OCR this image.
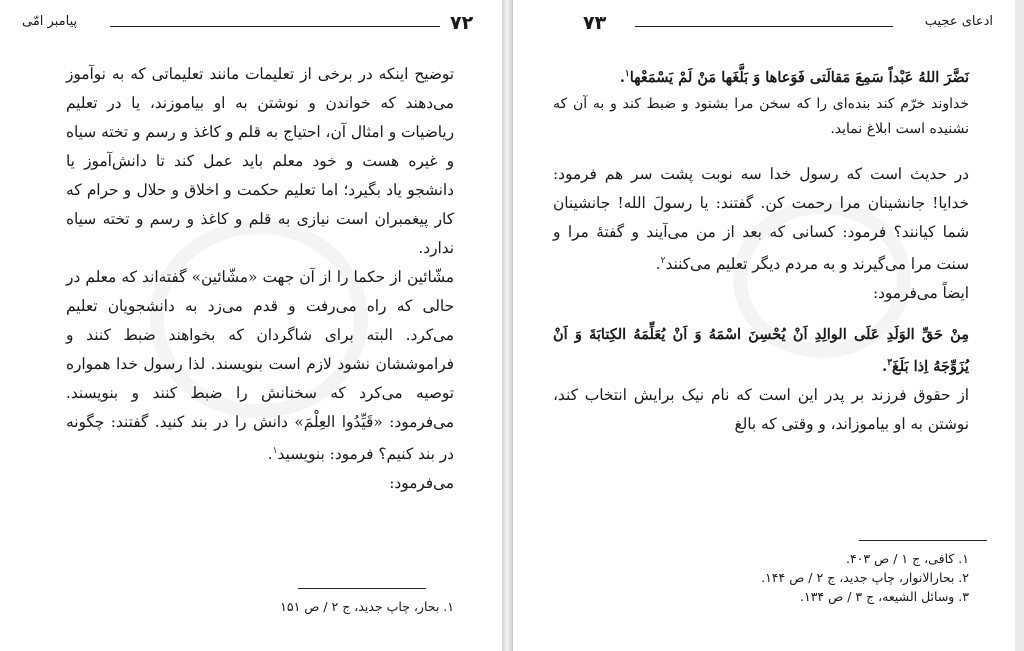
پیامبر امّی	۷۲

توضیح اینکه در برخی از تعلیمات مانند تعلیماتی که به نوآموز می‌دهند که خواندن و نوشتن به او بیاموزند، یا در تعلیم ریاضیات و امثال آن، احتیاج به قلم و کاغذ و رسم و تخته سیاه و غیره هست و خود معلم باید عمل کند تا دانش‌آموز یا دانشجو یاد بگیرد؛ اما تعلیم حکمت و اخلاق و حلال و حرام که کار پیغمبران است نیازی به قلم و کاغذ و رسم و تخته سیاه ندارد.

مشّائین از حکما را از آن جهت «مشّائین» گفته‌اند که معلم در حالی که راه می‌رفت و قدم می‌زد به دانشجویان تعلیم می‌کرد. البته برای شاگردان که بخواهند ضبط کنند و فراموششان نشود لازم است بنویسند. لذا رسول خدا همواره توصیه می‌کرد که سخنانش را ضبط کنند و بنویسند. می‌فرمود: «قَیِّدُوا العِلْمَ» دانش را در بند کنید. گفتند: چگونه در بند کنیم؟ فرمود: بنویسید$^۱$.

می‌فرمود:

۱. بحار، چاپ جدید، ج ۲ / ص ۱۵۱
۷۳	ادعای عجیب

نَضَّرَ اللهُ عَبْداً سَمِعَ مَقالَتی فَوَعاها وَ بَلَّغَها مَنْ لَمْ یَسْمَعْها$^۱$.

خداوند خرّم کند بنده‌ای را که سخن مرا بشنود و ضبط کند و به آن که نشنیده است ابلاغ نماید.

در حدیث است که رسول خدا سه نوبت پشت سر هم فرمود: خدایا! جانشینان مرا رحمت کن. گفتند: یا رسولَ الله! جانشینان شما کیانند؟ فرمود: کسانی که بعد از من می‌آیند و گفتهٔ مرا و سنت مرا می‌گیرند و به مردم دیگر تعلیم می‌کنند$^۲$.

ایضاً می‌فرمود:

مِنْ حَقِّ الوَلَدِ عَلَی الوالِدِ اَنْ یُحْسِنَ اسْمَهُ وَ اَنْ یُعَلِّمَهُ الکِتابَةَ وَ اَنْ یُزَوِّجَهُ اِذا بَلَغَ$^۳$.

از حقوق فرزند بر پدر این است که نام نیک برایش انتخاب کند، نوشتن به او بیاموزاند، و وقتی که بالغ

۱. کافی، ج ۱ / ص ۴۰۳.
۲. بحارالانوار، چاپ جدید، ج ۲ / ص ۱۴۴.
۳. وسائل الشیعه، ج ۳ / ص ۱۳۴.
